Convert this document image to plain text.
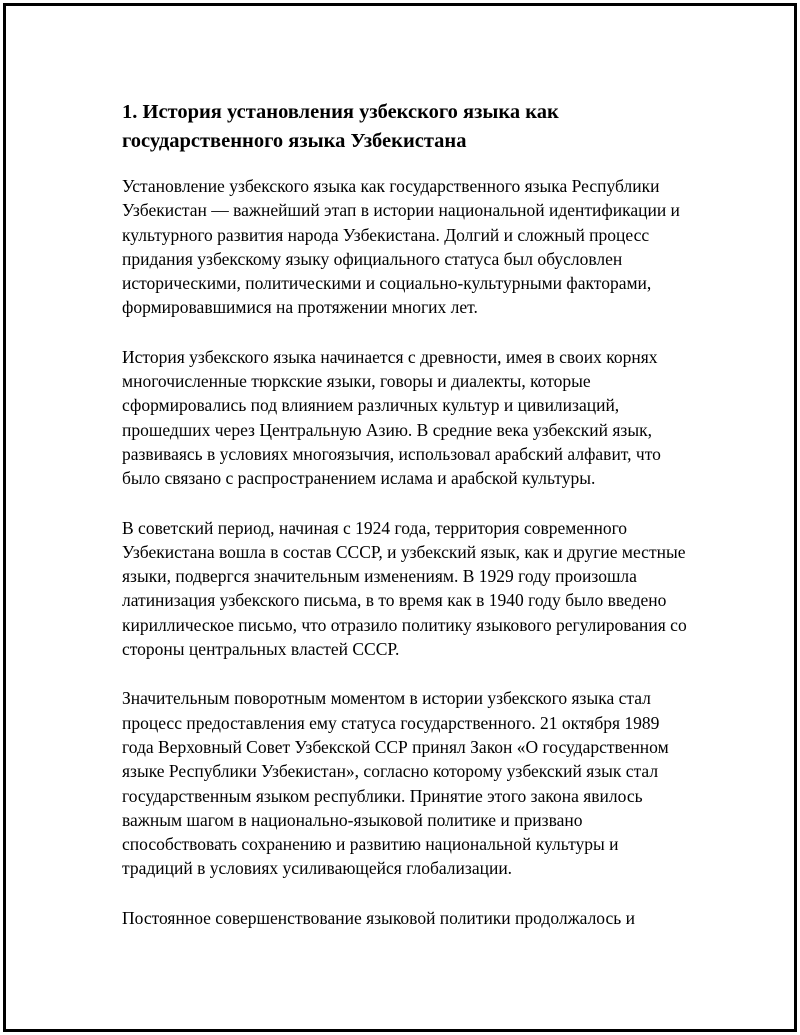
1. История установления узбекского языка как государственного языка Узбекистана

Установление узбекского языка как государственного языка Республики Узбекистан — важнейший этап в истории национальной идентификации и культурного развития народа Узбекистана. Долгий и сложный процесс придания узбекскому языку официального статуса был обусловлен историческими, политическими и социально-культурными факторами, формировавшимися на протяжении многих лет.

История узбекского языка начинается с древности, имея в своих корнях многочисленные тюркские языки, говоры и диалекты, которые сформировались под влиянием различных культур и цивилизаций, прошедших через Центральную Азию. В средние века узбекский язык, развиваясь в условиях многоязычия, использовал арабский алфавит, что было связано с распространением ислама и арабской культуры.

В советский период, начиная с 1924 года, территория современного Узбекистана вошла в состав СССР, и узбекский язык, как и другие местные языки, подвергся значительным изменениям. В 1929 году произошла латинизация узбекского письма, в то время как в 1940 году было введено кириллическое письмо, что отразило политику языкового регулирования со стороны центральных властей СССР.

Значительным поворотным моментом в истории узбекского языка стал процесс предоставления ему статуса государственного. 21 октября 1989 года Верховный Совет Узбекской ССР принял Закон «О государственном языке Республики Узбекистан», согласно которому узбекский язык стал государственным языком республики. Принятие этого закона явилось важным шагом в национально-языковой политике и призвано способствовать сохранению и развитию национальной культуры и традиций в условиях усиливающейся глобализации.

Постоянное совершенствование языковой политики продолжалось и
